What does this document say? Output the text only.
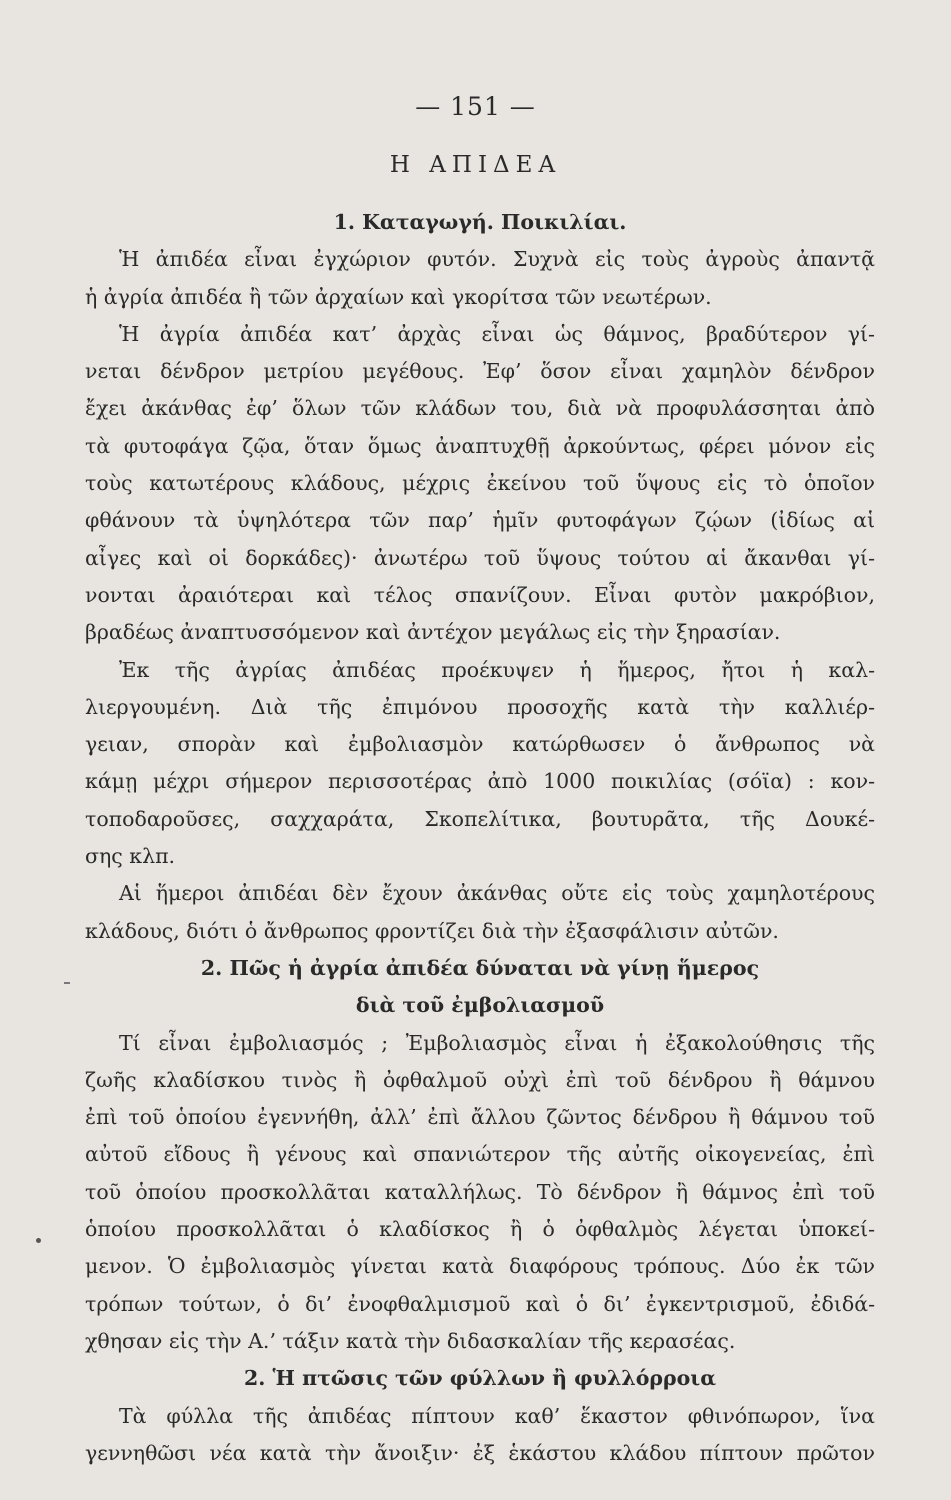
— 151 —
Η ΑΠΙΔΕΑ
1. Καταγωγή. Ποικιλίαι.
Ἡ ἀπιδέα εἶναι ἐγχώριον φυτόν. Συχνὰ εἰς τοὺς ἀγροὺς ἀπαντᾷ
ἡ ἀγρία ἀπιδέα ἢ τῶν ἀρχαίων καὶ γκορίτσα τῶν νεωτέρων.
Ἡ ἀγρία ἀπιδέα κατ’ ἀρχὰς εἶναι ὡς θάμνος, βραδύτερον γί-
νεται δένδρον μετρίου μεγέθους. Ἐφ’ ὅσον εἶναι χαμηλὸν δένδρον
ἔχει ἀκάνθας ἐφ’ ὅλων τῶν κλάδων του, διὰ νὰ προφυλάσσηται ἀπὸ
τὰ φυτοφάγα ζῷα, ὅταν ὅμως ἀναπτυχθῇ ἀρκούντως, φέρει μόνον εἰς
τοὺς κατωτέρους κλάδους, μέχρις ἐκείνου τοῦ ὕψους εἰς τὸ ὁποῖον
φθάνουν τὰ ὑψηλότερα τῶν παρ’ ἡμῖν φυτοφάγων ζῴων (ἰδίως αἱ
αἶγες καὶ οἱ δορκάδες)· ἀνωτέρω τοῦ ὕψους τούτου αἱ ἄκανθαι γί-
νονται ἀραιότεραι καὶ τέλος σπανίζουν. Εἶναι φυτὸν μακρόβιον,
βραδέως ἀναπτυσσόμενον καὶ ἀντέχον μεγάλως εἰς τὴν ξηρασίαν.
Ἐκ τῆς ἀγρίας ἀπιδέας προέκυψεν ἡ ἥμερος, ἤτοι ἡ καλ-
λιεργουμένη. Διὰ τῆς ἐπιμόνου προσοχῆς κατὰ τὴν καλλιέρ-
γειαν, σπορὰν καὶ ἐμβολιασμὸν κατώρθωσεν ὁ ἄνθρωπος νὰ
κάμῃ μέχρι σήμερον περισσοτέρας ἀπὸ 1000 ποικιλίας (σόϊα) : κον-
τοποδαροῦσες, σαχχαράτα, Σκοπελίτικα, βουτυρᾶτα, τῆς Δουκέ-
σης κλπ.
Αἱ ἥμεροι ἀπιδέαι δὲν ἔχουν ἀκάνθας οὔτε εἰς τοὺς χαμηλοτέρους
κλάδους, διότι ὁ ἄνθρωπος φροντίζει διὰ τὴν ἐξασφάλισιν αὐτῶν.
2. Πῶς ἡ ἀγρία ἀπιδέα δύναται νὰ γίνῃ ἥμερος
διὰ τοῦ ἐμβολιασμοῦ
Τί εἶναι ἐμβολιασμός ; Ἐμβολιασμὸς εἶναι ἡ ἐξακολούθησις τῆς
ζωῆς κλαδίσκου τινὸς ἢ ὀφθαλμοῦ οὐχὶ ἐπὶ τοῦ δένδρου ἢ θάμνου
ἐπὶ τοῦ ὁποίου ἐγεννήθη, ἀλλ’ ἐπὶ ἄλλου ζῶντος δένδρου ἢ θάμνου τοῦ
αὐτοῦ εἴδους ἢ γένους καὶ σπανιώτερον τῆς αὐτῆς οἰκογενείας, ἐπὶ
τοῦ ὁποίου προσκολλᾶται καταλλήλως. Τὸ δένδρον ἢ θάμνος ἐπὶ τοῦ
ὁποίου προσκολλᾶται ὁ κλαδίσκος ἢ ὁ ὀφθαλμὸς λέγεται ὑποκεί-
μενον. Ὁ ἐμβολιασμὸς γίνεται κατὰ διαφόρους τρόπους. Δύο ἐκ τῶν
τρόπων τούτων, ὁ δι’ ἐνοφθαλμισμοῦ καὶ ὁ δι’ ἐγκεντρισμοῦ, ἐδιδά-
χθησαν εἰς τὴν Α.’ τάξιν κατὰ τὴν διδασκαλίαν τῆς κερασέας.
2. Ἡ πτῶσις τῶν φύλλων ἢ φυλλόρροια
Τὰ φύλλα τῆς ἀπιδέας πίπτουν καθ’ ἕκαστον φθινόπωρον, ἵνα
γεννηθῶσι νέα κατὰ τὴν ἄνοιξιν· ἐξ ἑκάστου κλάδου πίπτουν πρῶτον
